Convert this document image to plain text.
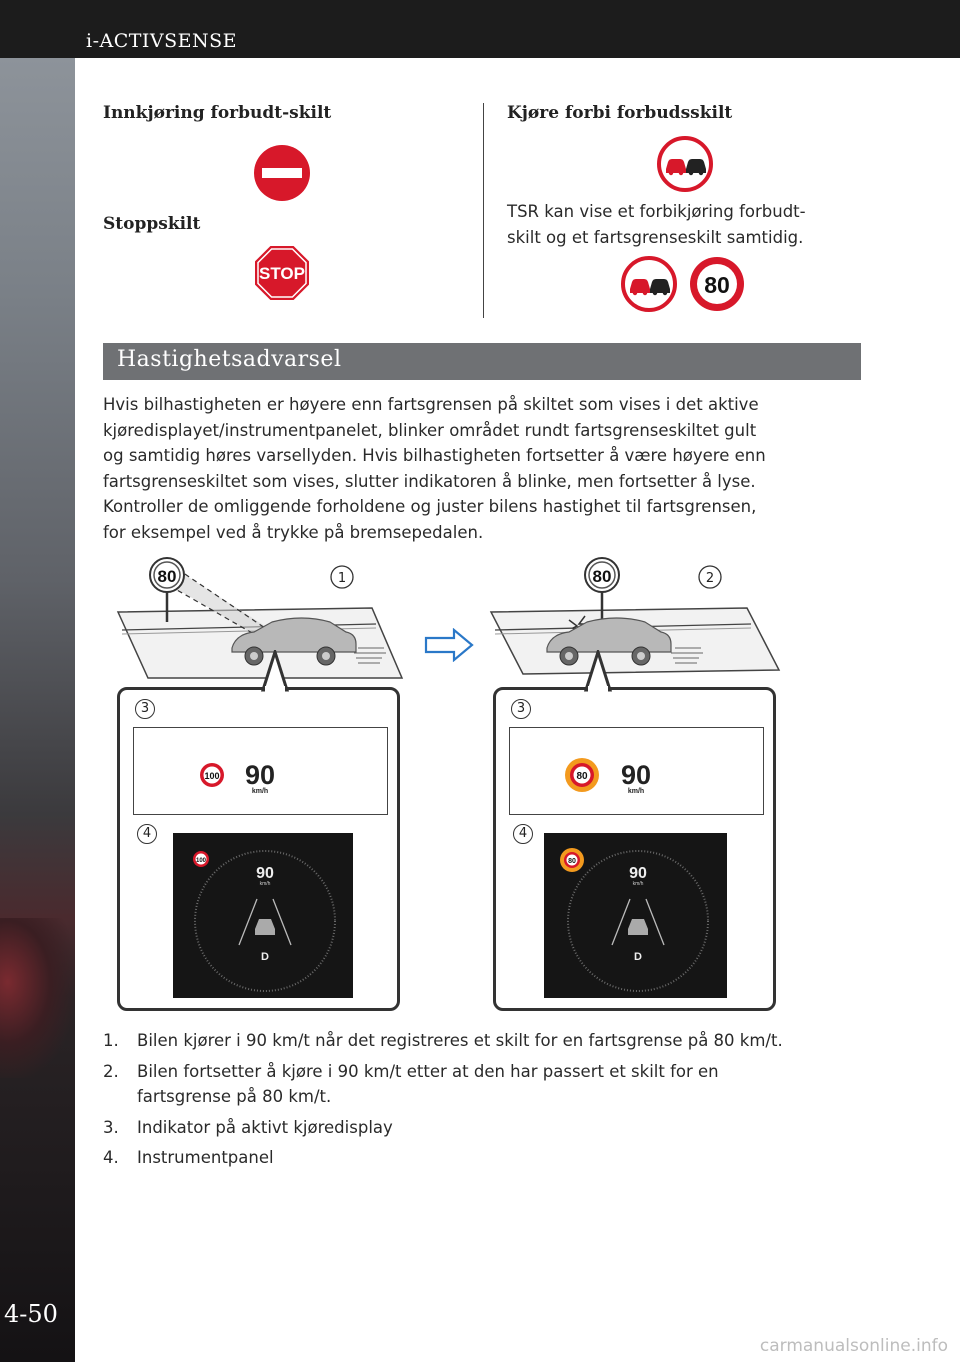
i-ACTIVSENSE
4-50
Innkjøring forbudt-skilt
Stoppskilt
STOP
Kjøre forbi forbudsskilt
TSR kan vise et forbikjøring forbudt-
skilt og et fartsgrenseskilt samtidig.
80
Hastighetsadvarsel
Hvis bilhastigheten er høyere enn fartsgrensen på skiltet som vises i det aktive
kjøredisplayet/instrumentpanelet, blinker området rundt fartsgrenseskiltet gult
og samtidig høres varsellyden. Hvis bilhastigheten fortsetter å være høyere enn
fartsgrenseskiltet som vises, slutter indikatoren å blinke, men fortsetter å lyse.
Kontroller de omliggende forholdene og juster bilens hastighet til fartsgrensen,
for eksempel ved å trykke på bremsepedalen.
80	1
3
100 90
km/h
4
100
90
km/h
D
80	2
3
80 90
km/h
4
80
90
km/h
D
1. Bilen kjører i 90 km/t når det registreres et skilt for en fartsgrense på 80 km/t.
2. Bilen fortsetter å kjøre i 90 km/t etter at den har passert et skilt for en fartsgrense på 80 km/t.
3. Indikator på aktivt kjøredisplay
4. Instrumentpanel
carmanualsonline.info
